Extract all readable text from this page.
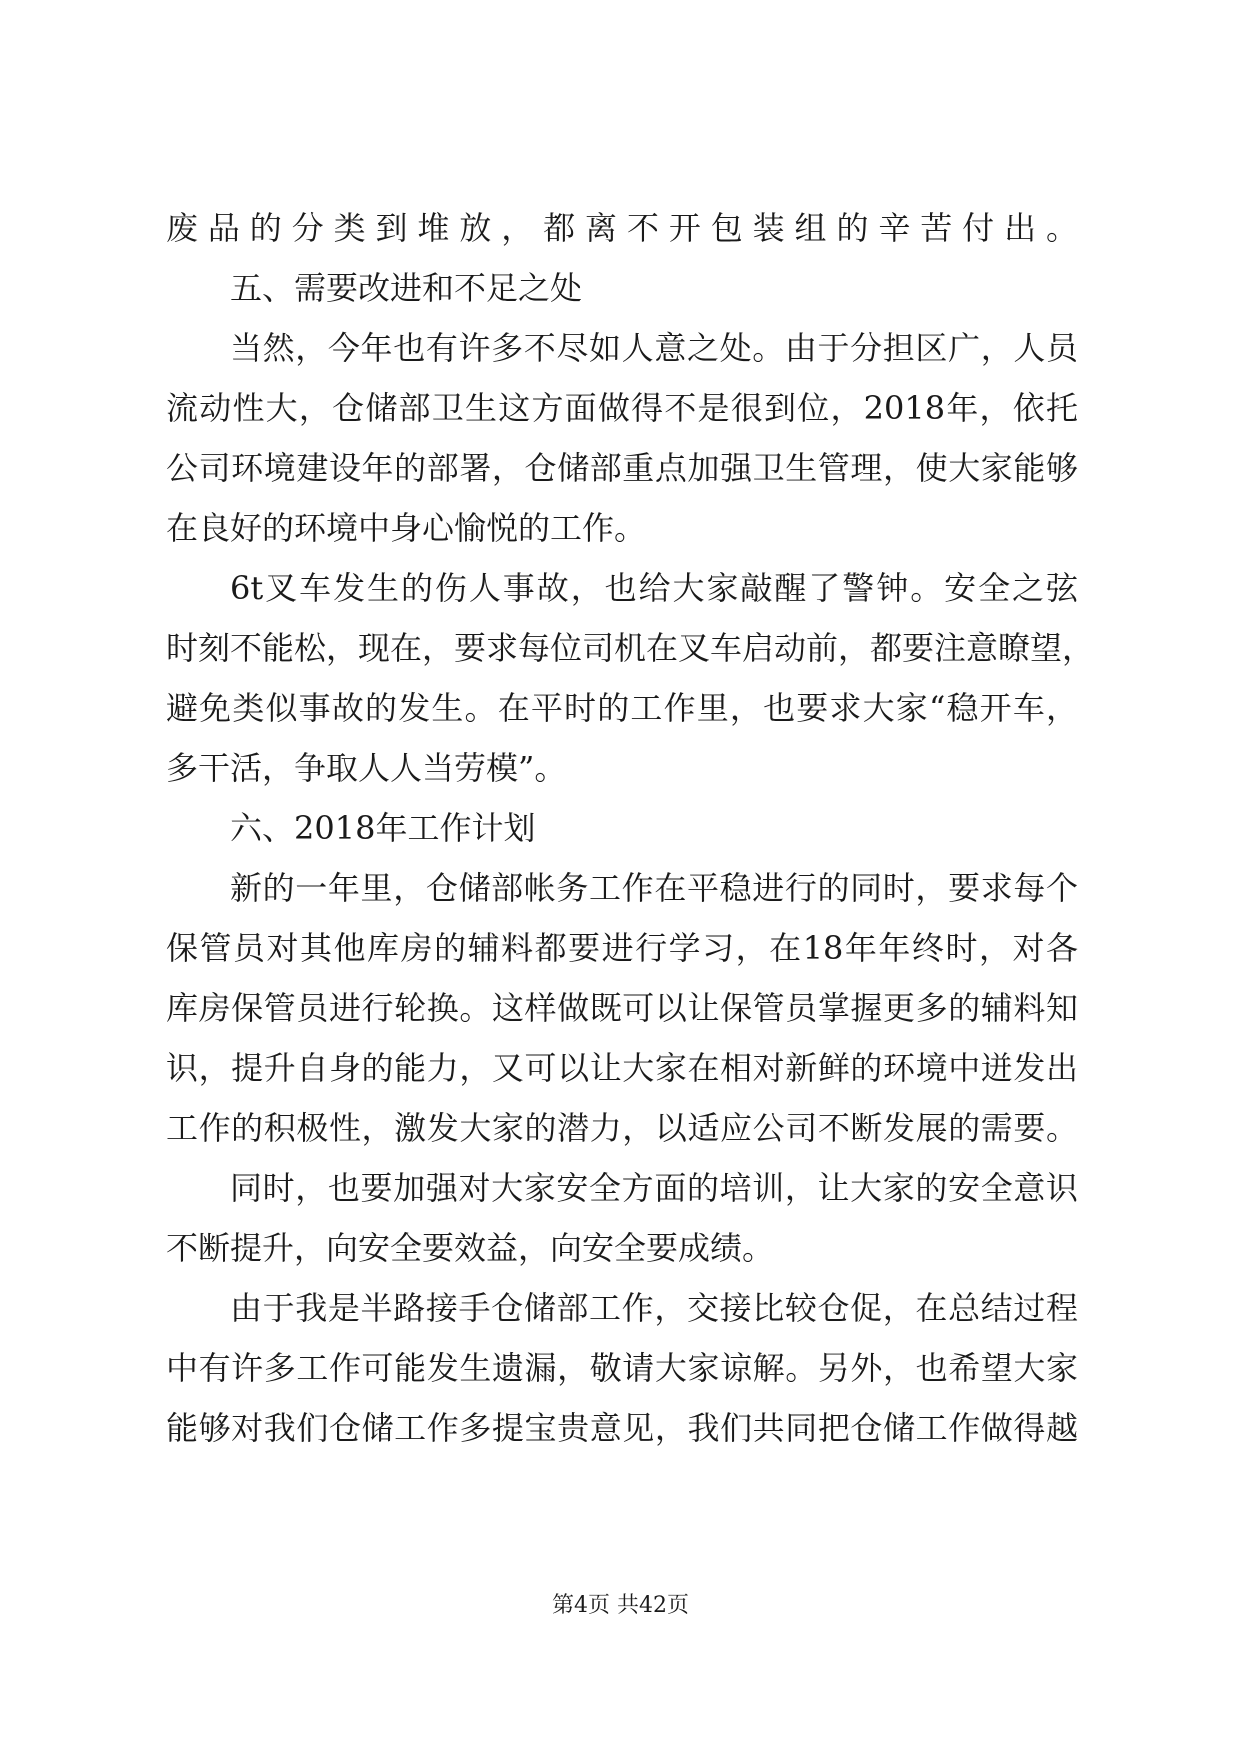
废品的分类到堆放，都离不开包装组的辛苦付出。
五、需要改进和不足之处
当然，今年也有许多不尽如人意之处。由于分担区广，人员
流动性大，仓储部卫生这方面做得不是很到位，2018年，依托
公司环境建设年的部署，仓储部重点加强卫生管理，使大家能够
在良好的环境中身心愉悦的工作。
6t叉车发生的伤人事故，也给大家敲醒了警钟。安全之弦
时刻不能松，现在，要求每位司机在叉车启动前，都要注意瞭望，
避免类似事故的发生。在平时的工作里，也要求大家“稳开车，
多干活，争取人人当劳模”。
六、2018年工作计划
新的一年里，仓储部帐务工作在平稳进行的同时，要求每个
保管员对其他库房的辅料都要进行学习，在18年年终时，对各
库房保管员进行轮换。这样做既可以让保管员掌握更多的辅料知
识，提升自身的能力，又可以让大家在相对新鲜的环境中迸发出
工作的积极性，激发大家的潜力，以适应公司不断发展的需要。
同时，也要加强对大家安全方面的培训，让大家的安全意识
不断提升，向安全要效益，向安全要成绩。
由于我是半路接手仓储部工作，交接比较仓促，在总结过程
中有许多工作可能发生遗漏，敬请大家谅解。另外，也希望大家
能够对我们仓储工作多提宝贵意见，我们共同把仓储工作做得越
第4页 共42页
